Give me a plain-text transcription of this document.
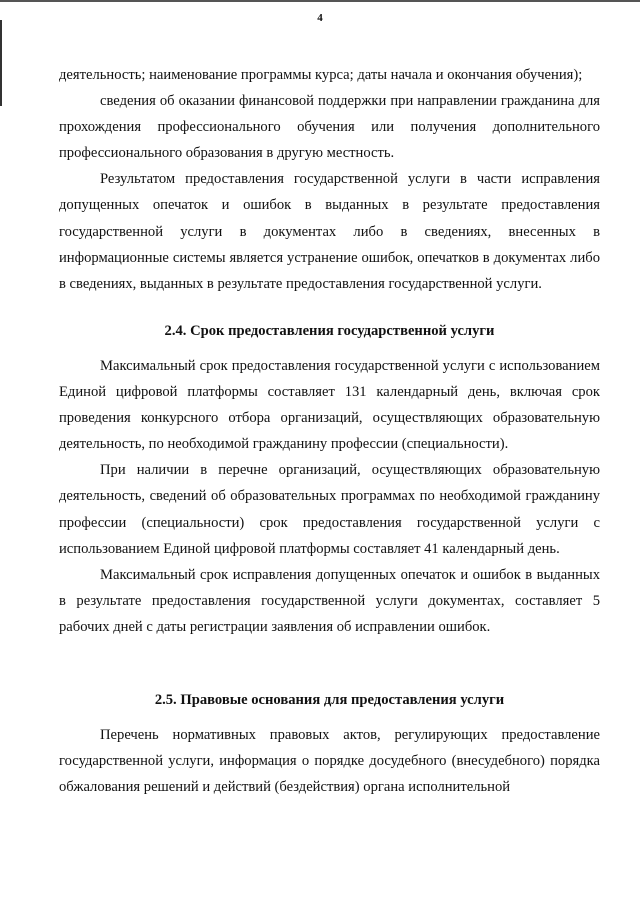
4

деятельность; наименование программы курса; даты начала и окончания обучения);

сведения об оказании финансовой поддержки при направлении гражданина для прохождения профессионального обучения или получения дополнительного профессионального образования в другую местность.

Результатом предоставления государственной услуги в части исправления допущенных опечаток и ошибок в выданных в результате предоставления государственной услуги в документах либо в сведениях, внесенных в информационные системы является устранение ошибок, опечатков в документах либо в сведениях, выданных в результате предоставления государственной услуги.

2.4. Срок предоставления государственной услуги

Максимальный срок предоставления государственной услуги с использованием Единой цифровой платформы составляет 131 календарный день, включая срок проведения конкурсного отбора организаций, осуществляющих образовательную деятельность, по необходимой гражданину профессии (специальности).

При наличии в перечне организаций, осуществляющих образовательную деятельность, сведений об образовательных программах по необходимой гражданину профессии (специальности) срок предоставления государственной услуги с использованием Единой цифровой платформы составляет 41 календарный день.

Максимальный срок исправления допущенных опечаток и ошибок в выданных в результате предоставления государственной услуги документах, составляет 5 рабочих дней с даты регистрации заявления об исправлении ошибок.

2.5. Правовые основания для предоставления услуги

Перечень нормативных правовых актов, регулирующих предоставление государственной услуги, информация о порядке досудебного (внесудебного) порядка обжалования решений и действий (бездействия) органа исполнительной
